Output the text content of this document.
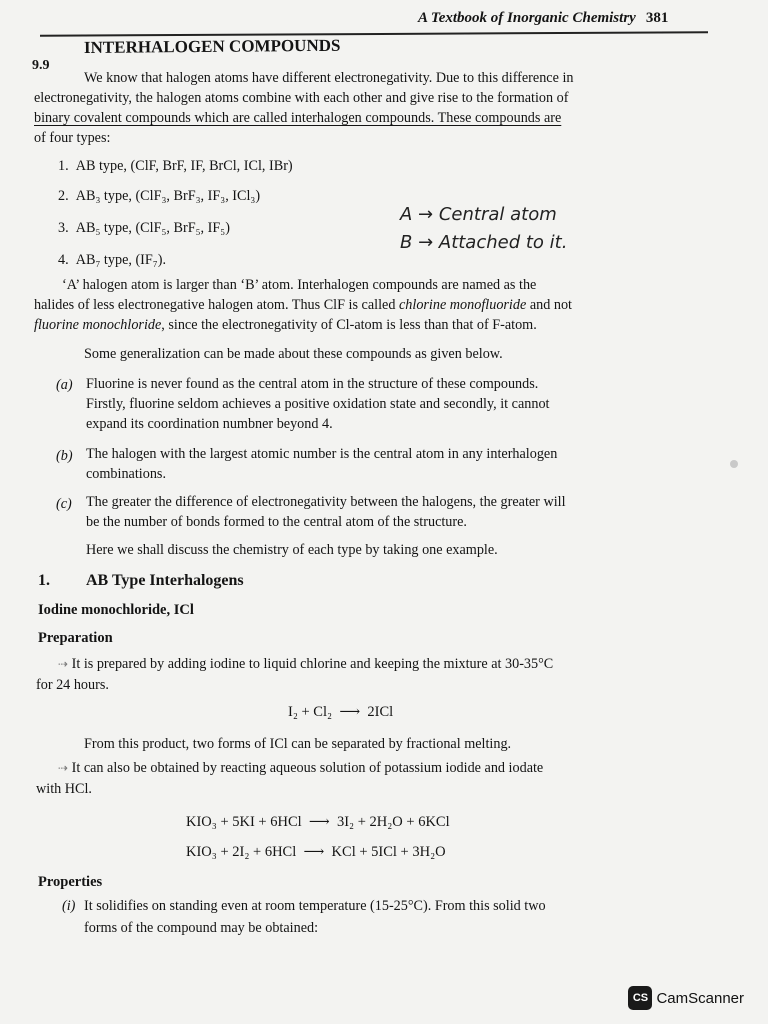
A Textbook of Inorganic Chemistry 381
9.9
INTERHALOGEN COMPOUNDS
We know that halogen atoms have different electronegativity. Due to this difference in
electronegativity, the halogen atoms combine with each other and give rise to the formation of
binary covalent compounds which are called interhalogen compounds. These compounds are
of four types:
1. AB type, (ClF, BrF, IF, BrCl, ICl, IBr)
2. AB₃ type, (ClF₃, BrF₃, IF₃, ICl₃)
3. AB₅ type, (ClF₅, BrF₅, IF₅)
4. AB₇ type, (IF₇).
A → Central atom
B → Attached to it.
‘A’ halogen atom is larger than ‘B’ atom. Interhalogen compounds are named as the
halides of less electronegative halogen atom. Thus ClF is called chlorine monofluoride and not
fluorine monochloride, since the electronegativity of Cl-atom is less than that of F-atom.
Some generalization can be made about these compounds as given below.
(a) Fluorine is never found as the central atom in the structure of these compounds.
Firstly, fluorine seldom achieves a positive oxidation state and secondly, it cannot
expand its coordination numbner beyond 4.
(b) The halogen with the largest atomic number is the central atom in any interhalogen
combinations.
(c) The greater the difference of electronegativity between the halogens, the greater will
be the number of bonds formed to the central atom of the structure.
Here we shall discuss the chemistry of each type by taking one example.
1. AB Type Interhalogens
Iodine monochloride, ICl
Preparation
⇢ It is prepared by adding iodine to liquid chlorine and keeping the mixture at 30-35°C
for 24 hours.
I₂ + Cl₂  ⟶  2ICl
From this product, two forms of ICl can be separated by fractional melting.
⇢ It can also be obtained by reacting aqueous solution of potassium iodide and iodate
with HCl.
KIO₃ + 5KI + 6HCl  ⟶  3I₂ + 2H₂O + 6KCl
KIO₃ + 2I₂ + 6HCl  ⟶  KCl + 5ICl + 3H₂O
Properties
(i) It solidifies on standing even at room temperature (15-25°C). From this solid two
forms of the compound may be obtained:
CS CamScanner
